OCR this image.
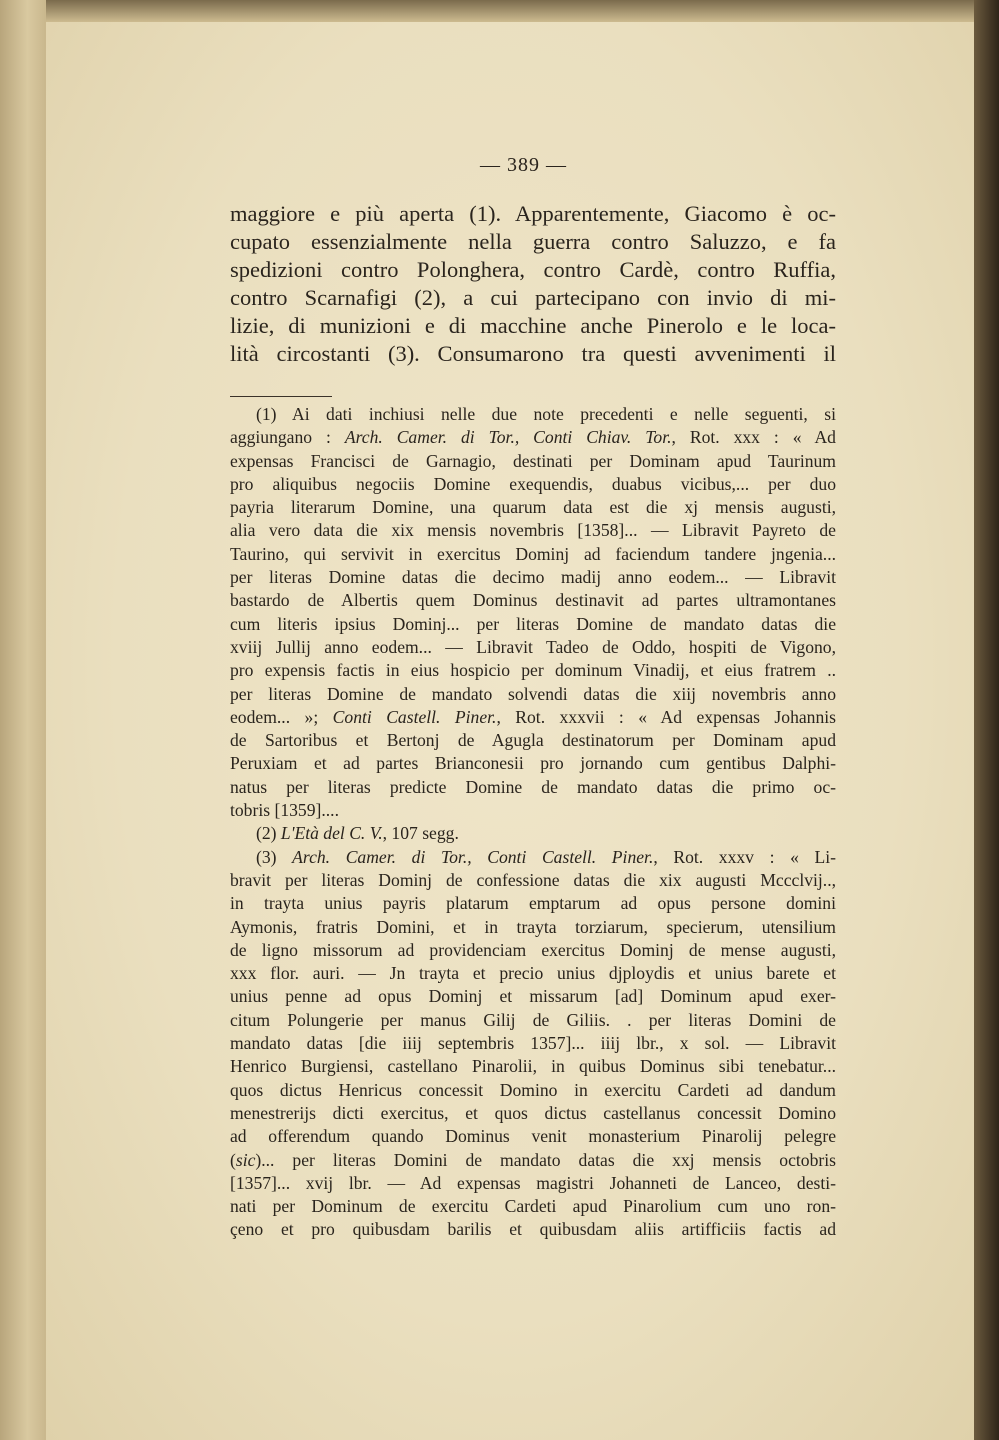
— 389 —
maggiore e più aperta (1). Apparentemente, Giacomo è oc-
cupato essenzialmente nella guerra contro Saluzzo, e fa
spedizioni contro Polonghera, contro Cardè, contro Ruffia,
contro Scarnafigi (2), a cui partecipano con invio di mi-
lizie, di munizioni e di macchine anche Pinerolo e le loca-
lità circostanti (3). Consumarono tra questi avvenimenti il
(1) Ai dati inchiusi nelle due note precedenti e nelle seguenti, si
aggiungano : Arch. Camer. di Tor., Conti Chiav. Tor., Rot. xxx : « Ad
expensas Francisci de Garnagio, destinati per Dominam apud Taurinum
pro aliquibus negociis Domine exequendis, duabus vicibus,... per duo
payria literarum Domine, una quarum data est die xj mensis augusti,
alia vero data die xix mensis novembris [1358]... — Libravit Payreto de
Taurino, qui servivit in exercitus Dominj ad faciendum tandere jngenia...
per literas Domine datas die decimo madij anno eodem... — Libravit
bastardo de Albertis quem Dominus destinavit ad partes ultramontanes
cum literis ipsius Dominj... per literas Domine de mandato datas die
xviij Jullij anno eodem... — Libravit Tadeo de Oddo, hospiti de Vigono,
pro expensis factis in eius hospicio per dominum Vinadij, et eius fratrem ..
per literas Domine de mandato solvendi datas die xiij novembris anno
eodem... »; Conti Castell. Piner., Rot. xxxvii : « Ad expensas Johannis
de Sartoribus et Bertonj de Agugla destinatorum per Dominam apud
Peruxiam et ad partes Brianconesii pro jornando cum gentibus Dalphi-
natus per literas predicte Domine de mandato datas die primo oc-
tobris [1359]....
(2) L'Età del C. V., 107 segg.
(3) Arch. Camer. di Tor., Conti Castell. Piner., Rot. xxxv : « Li-
bravit per literas Dominj de confessione datas die xix augusti Mccclvij..,
in trayta unius payris platarum emptarum ad opus persone domini
Aymonis, fratris Domini, et in trayta torziarum, specierum, utensilium
de ligno missorum ad providenciam exercitus Dominj de mense augusti,
xxx flor. auri. — Jn trayta et precio unius djploydis et unius barete et
unius penne ad opus Dominj et missarum [ad] Dominum apud exer-
citum Polungerie per manus Gilij de Giliis. . per literas Domini de
mandato datas [die iiij septembris 1357]... iiij lbr., x sol. — Libravit
Henrico Burgiensi, castellano Pinarolii, in quibus Dominus sibi tenebatur...
quos dictus Henricus concessit Domino in exercitu Cardeti ad dandum
menestrerijs dicti exercitus, et quos dictus castellanus concessit Domino
ad offerendum quando Dominus venit monasterium Pinarolij pelegre
(sic)... per literas Domini de mandato datas die xxj mensis octobris
[1357]... xvij lbr. — Ad expensas magistri Johanneti de Lanceo, desti-
nati per Dominum de exercitu Cardeti apud Pinarolium cum uno ron-
çeno et pro quibusdam barilis et quibusdam aliis artifficiis factis ad
